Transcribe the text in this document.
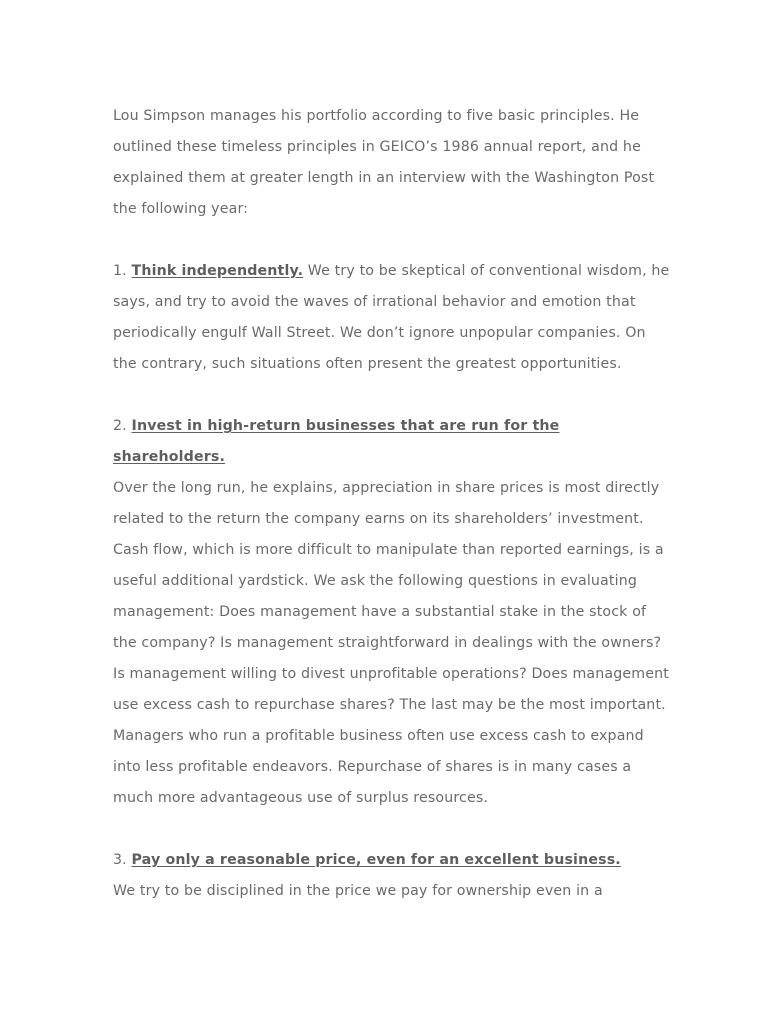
Lou Simpson manages his portfolio according to five basic principles. He outlined these timeless principles in GEICO’s 1986 annual report, and he explained them at greater length in an interview with the Washington Post the following year:

1. Think independently. We try to be skeptical of conventional wisdom, he says, and try to avoid the waves of irrational behavior and emotion that periodically engulf Wall Street. We don’t ignore unpopular companies. On the contrary, such situations often present the greatest opportunities.

2. Invest in high-return businesses that are run for the shareholders.

Over the long run, he explains, appreciation in share prices is most directly related to the return the company earns on its shareholders’ investment. Cash flow, which is more difficult to manipulate than reported earnings, is a useful additional yardstick. We ask the following questions in evaluating management: Does management have a substantial stake in the stock of the company? Is management straightforward in dealings with the owners? Is management willing to divest unprofitable operations? Does management use excess cash to repurchase shares? The last may be the most important. Managers who run a profitable business often use excess cash to expand into less profitable endeavors. Repurchase of shares is in many cases a much more advantageous use of surplus resources.

3. Pay only a reasonable price, even for an excellent business.

We try to be disciplined in the price we pay for ownership even in a
